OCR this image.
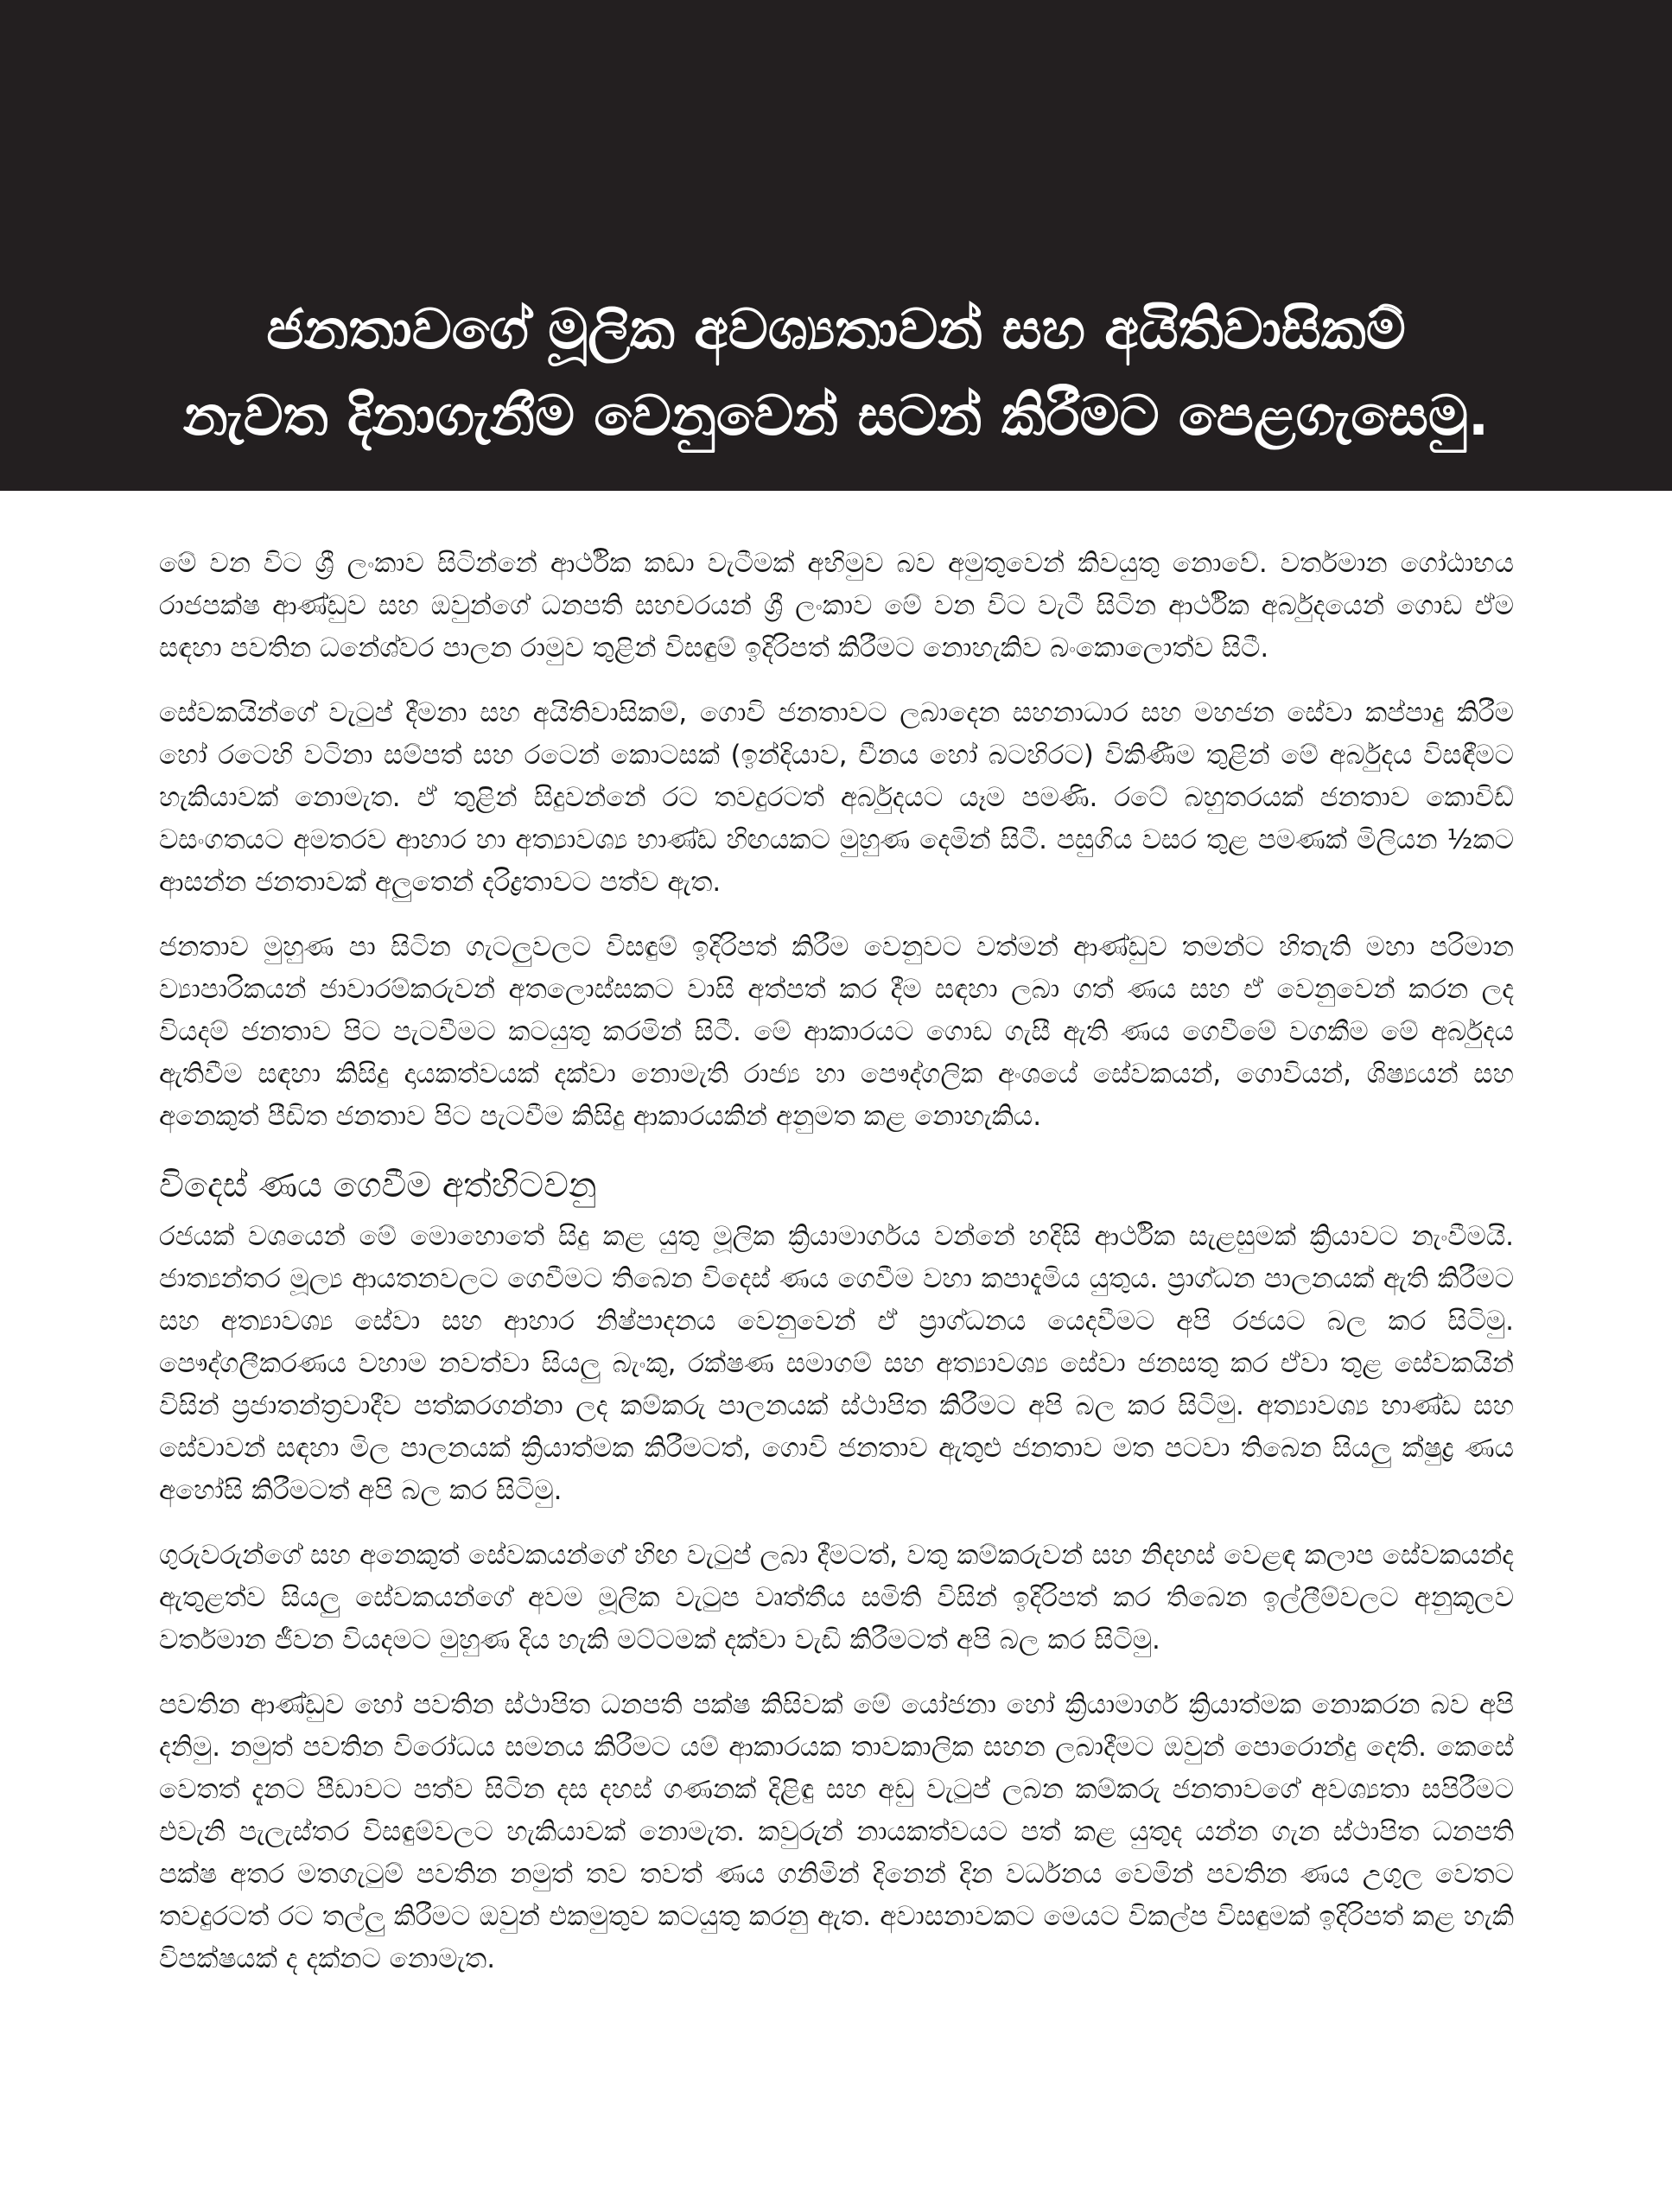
ජනතාවගේ මූලික අවශ්‍යතාවන් සහ අයිතිවාසිකම්
නැවත දිනාගැනීම වෙනුවෙන් සටන් කිරීමට පෙළගැසෙමු.

මේ වන විට ශ්‍රී ලංකාව සිටින්නේ ආර්ථික කඩා වැටීමක් අභිමුව බව අමුතුවෙන් කිවයුතු නොවේ. වර්තමාන ගෝඨාභය රාජපක්ෂ ආණ්ඩුව සහ ඔවුන්ගේ ධනපති සහචරයන් ශ්‍රී ලංකාව මේ වන විට වැටී සිටින ආර්ථික අර්බුදයෙන් ගොඩ ඒම සඳහා පවතින ධනේශ්වර පාලන රාමුව තුළින් විසඳුම් ඉදිරිපත් කිරීමට නොහැකිව බංකොලොත්ව සිටී.

සේවකයින්ගේ වැටුප් දීමනා සහ අයිතිවාසිකම්, ගොවි ජනතාවට ලබාදෙන සහනාධාර සහ මහජන සේවා කප්පාදු කිරීම හෝ රටෙහි වටිනා සම්පත් සහ රටෙන් කොටසක් (ඉන්දියාව, චීනය හෝ බටහිරට) විකිණීම තුළින් මේ අර්බුදය විසඳීමට හැකියාවක් නොමැත. ඒ තුළින් සිදුවන්නේ රට තවදුරටත් අර්බුදයට යෑම පමණි. රටේ බහුතරයක් ජනතාව කොවිඩ් වසංගතයට අමතරව ආහාර හා අත්‍යාවශ්‍ය භාණ්ඩ හිඟයකට මුහුණ දෙමින් සිටී. පසුගිය වසර තුළ පමණක් මිලියන ½කට ආසන්න ජනතාවක් අලුතෙන් දරිද්‍රතාවට පත්ව ඇත.

ජනතාව මුහුණ පා සිටින ගැටලුවලට විසඳුම් ඉදිරිපත් කිරීම වෙනුවට වත්මන් ආණ්ඩුව තමන්ට හිතැති මහා පරිමාන ව්‍යාපාරිකයන් ජාවාරම්කරුවන් අතලොස්සකට වාසි අත්පත් කර දීම සඳහා ලබා ගත් ණය සහ ඒ වෙනුවෙන් කරන ලද වියදම් ජනතාව පිට පැටවීමට කටයුතු කරමින් සිටී. මේ ආකාරයට ගොඩ ගැසී ඇති ණය ගෙවීමේ වගකීම මේ අර්බුදය ඇතිවීම සඳහා කිසිදු දායකත්වයක් දක්වා නොමැති රාජ්‍ය හා පෞද්ගලික අංශයේ සේවකයන්, ගොවියන්, ශිෂ්‍යයන් සහ අනෙකුත් පීඩිත ජනතාව පිට පැටවීම කිසිදු ආකාරයකින් අනුමත කළ නොහැකිය.

විදෙස් ණය ගෙවීම අත්හිටවනු

රජයක් වශයෙන් මේ මොහොතේ සිදු කළ යුතු මූලික ක්‍රියාමාර්ගය වන්නේ හදිසි ආර්ථික සැළසුමක් ක්‍රියාවට නැංවීමයි. ජාත්‍යන්තර මූල්‍ය ආයතනවලට ගෙවීමට තිබෙන විදෙස් ණය ගෙවීම වහා කපාදැමිය යුතුය. ප්‍රාග්ධන පාලනයක් ඇති කිරීමට සහ අත්‍යාවශ්‍ය සේවා සහ ආහාර නිෂ්පාදනය වෙනුවෙන් ඒ ප්‍රාග්ධනය යෙදවීමට අපි රජයට බල කර සිටිමු. පෞද්ගලීකරණය වහාම නවත්වා සියලු බැංකු, රක්ෂණ සමාගම් සහ අත්‍යාවශ්‍ය සේවා ජනසතු කර ඒවා තුළ සේවකයින් විසින් ප්‍රජාතන්ත්‍රවාදීව පත්කරගන්නා ලද කම්කරු පාලනයක් ස්ථාපිත කිරීමට අපි බල කර සිටිමු. අත්‍යාවශ්‍ය භාණ්ඩ සහ සේවාවන් සඳහා මිල පාලනයක් ක්‍රියාත්මක කිරීමටත්, ගොවි ජනතාව ඇතුළු ජනතාව මත පටවා තිබෙන සියලු ක්ෂුද්‍ර ණය අහෝසි කිරීමටත් අපි බල කර සිටිමු.

ගුරුවරුන්ගේ සහ අනෙකුත් සේවකයන්ගේ හිඟ වැටුප් ලබා දීමටත්, වතු කම්කරුවන් සහ නිදහස් වෙළඳ කලාප සේවකයන්ද ඇතුළත්ව සියලු සේවකයන්ගේ අවම මූලික වැටුප වෘත්තීය සමිති විසින් ඉදිරිපත් කර තිබෙන ඉල්ලීම්වලට අනුකූලව වර්තමාන ජීවන වියදමට මුහුණ දිය හැකි මට්ටමක් දක්වා වැඩි කිරීමටත් අපි බල කර සිටිමු.

පවතින ආණ්ඩුව හෝ පවතින ස්ථාපිත ධනපති පක්ෂ කිසිවක් මේ යෝජනා හෝ ක්‍රියාමාර්ග ක්‍රියාත්මක නොකරන බව අපි දනිමු. නමුත් පවතින විරෝධය සමනය කිරීමට යම් ආකාරයක තාවකාලික සහන ලබාදීමට ඔවුන් පොරොන්දු දෙති. කෙසේ වෙතත් දැනට පීඩාවට පත්ව සිටින දස දහස් ගණනක් දිළිඳු සහ අඩු වැටුප් ලබන කම්කරු ජනතාවගේ අවශ්‍යතා සපිරීමට එවැනි පැලැස්තර විසඳුම්වලට හැකියාවක් නොමැත. කවුරුන් නායකත්වයට පත් කළ යුතුද යන්න ගැන ස්ථාපිත ධනපති පක්ෂ අතර මතගැටුම් පවතින නමුත් තව තවත් ණය ගනිමින් දිනෙන් දින වර්ධනය වෙමින් පවතින ණය උගුල වෙතට තවදුරටත් රට තල්ලු කිරීමට ඔවුන් එකමුතුව කටයුතු කරනු ඇත. අවාසනාවකට මෙයට විකල්ප විසඳුමක් ඉදිරිපත් කළ හැකි විපක්ෂයක් ද දක්නට නොමැත.
